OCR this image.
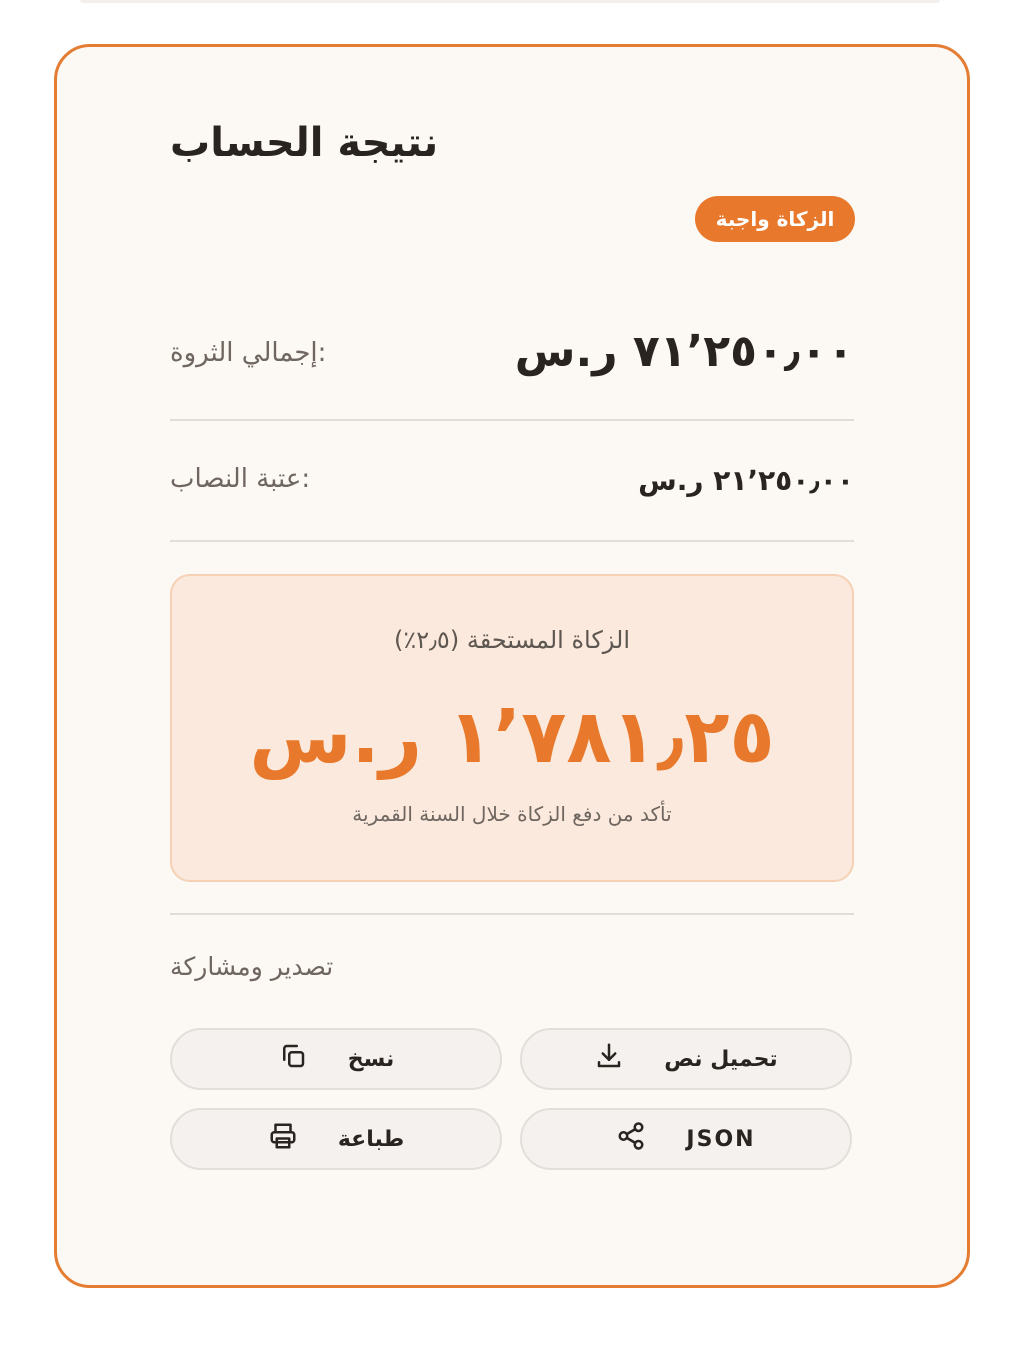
نتيجة الحساب
الزكاة واجبة
إجمالي الثروة:	٧١٬٢٥٠٫٠٠ ر.س
عتبة النصاب:	٢١٬٢٥٠٫٠٠ ر.س
الزكاة المستحقة (٢٫٥٪)
١٬٧٨١٫٢٥ ر.س
تأكد من دفع الزكاة خلال السنة القمرية
تصدير ومشاركة
تحميل نص
نسخ
JSON
طباعة
